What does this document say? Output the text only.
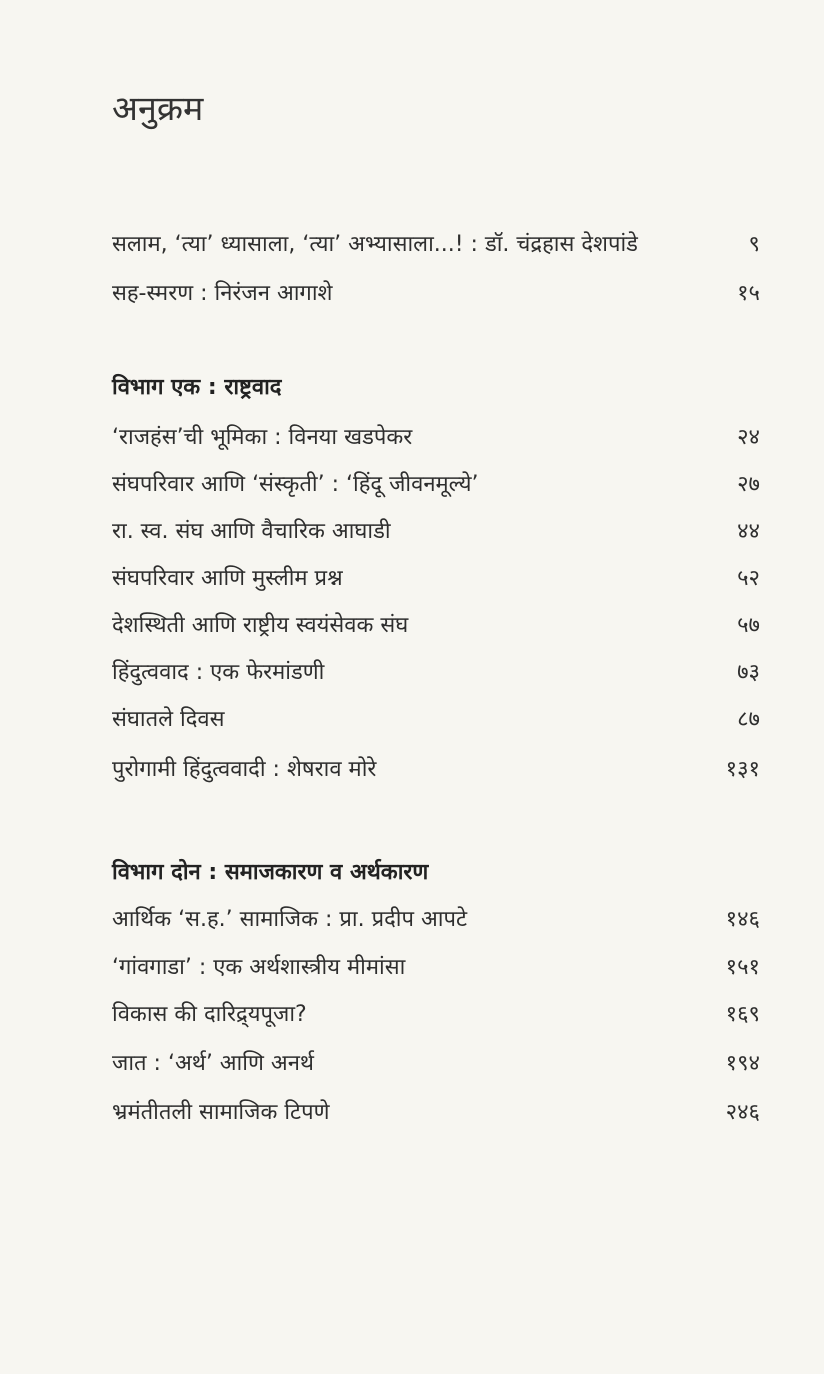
अनुक्रम
सलाम, ‘त्या’ ध्यासाला, ‘त्या’ अभ्यासाला...! : डॉ. चंद्रहास देशपांडे	९
सह-स्मरण : निरंजन आगाशे	१५
विभाग एक : राष्ट्रवाद
‘राजहंस’ची भूमिका : विनया खडपेकर	२४
संघपरिवार आणि ‘संस्कृती’ : ‘हिंदू जीवनमूल्ये’	२७
रा. स्व. संघ आणि वैचारिक आघाडी	४४
संघपरिवार आणि मुस्लीम प्रश्न	५२
देशस्थिती आणि राष्ट्रीय स्वयंसेवक संघ	५७
हिंदुत्ववाद : एक फेरमांडणी	७३
संघातले दिवस	८७
पुरोगामी हिंदुत्ववादी : शेषराव मोरे	१३१
विभाग दोन : समाजकारण व अर्थकारण
आर्थिक ‘स.ह.’ सामाजिक : प्रा. प्रदीप आपटे	१४६
‘गांवगाडा’ : एक अर्थशास्त्रीय मीमांसा	१५१
विकास की दारिद्र्यपूजा?	१६९
जात : ‘अर्थ’ आणि अनर्थ	१९४
भ्रमंतीतली सामाजिक टिपणे	२४६
